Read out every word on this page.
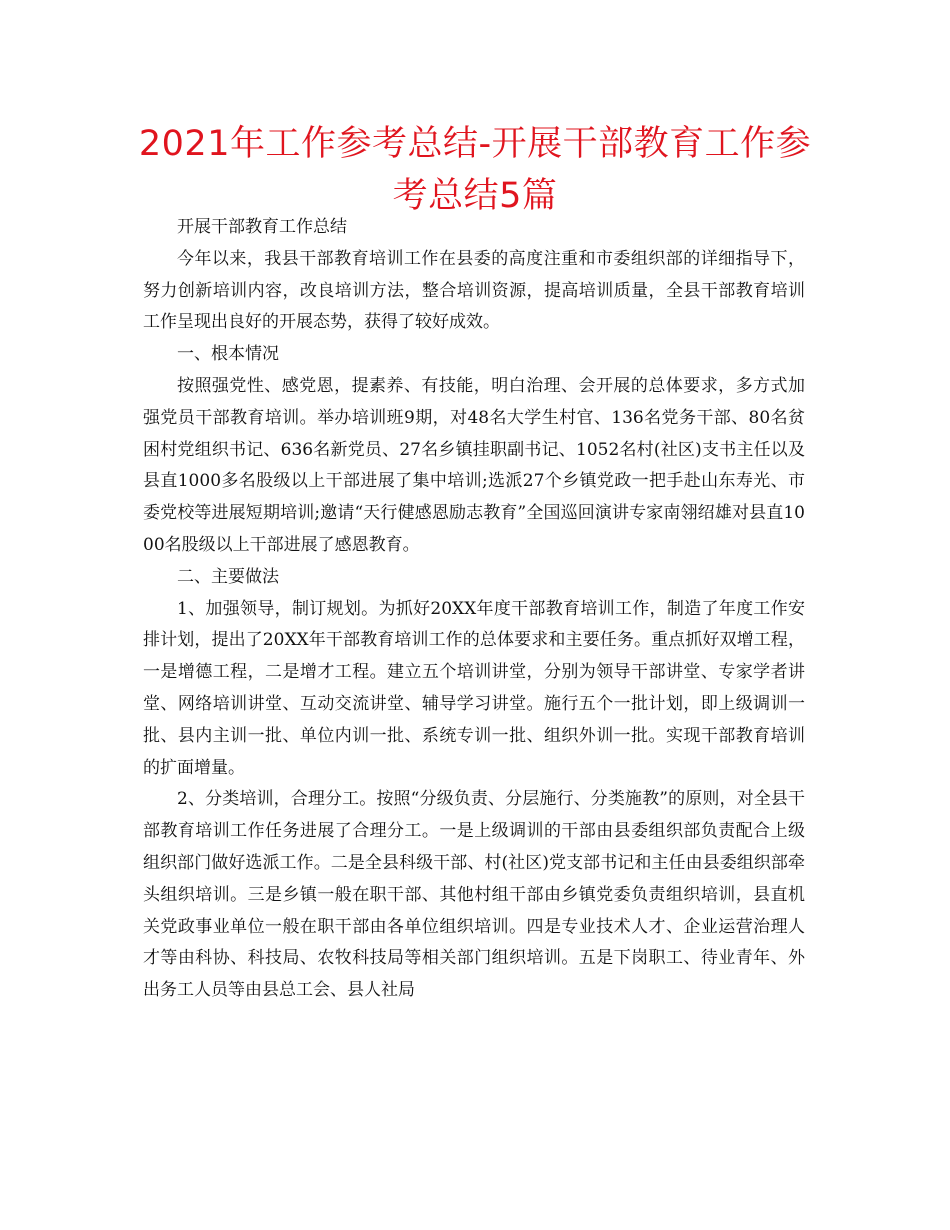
2021年工作参考总结-开展干部教育工作参考总结5篇

开展干部教育工作总结

今年以来，我县干部教育培训工作在县委的高度注重和市委组织部的详细指导下，努力创新培训内容，改良培训方法，整合培训资源，提高培训质量，全县干部教育培训工作呈现出良好的开展态势，获得了较好成效。

一、根本情况

按照强党性、感党恩，提素养、有技能，明白治理、会开展的总体要求，多方式加强党员干部教育培训。举办培训班9期，对48名大学生村官、136名党务干部、80名贫困村党组织书记、636名新党员、27名乡镇挂职副书记、1052名村(社区)支书主任以及县直1000多名股级以上干部进展了集中培训;选派27个乡镇党政一把手赴山东寿光、市委党校等进展短期培训;邀请“天行健感恩励志教育”全国巡回演讲专家南翎绍雄对县直1000名股级以上干部进展了感恩教育。

二、主要做法

1、加强领导，制订规划。为抓好20XX年度干部教育培训工作，制造了年度工作安排计划，提出了20XX年干部教育培训工作的总体要求和主要任务。重点抓好双增工程，一是增德工程，二是增才工程。建立五个培训讲堂，分别为领导干部讲堂、专家学者讲堂、网络培训讲堂、互动交流讲堂、辅导学习讲堂。施行五个一批计划，即上级调训一批、县内主训一批、单位内训一批、系统专训一批、组织外训一批。实现干部教育培训的扩面增量。

2、分类培训，合理分工。按照“分级负责、分层施行、分类施教”的原则，对全县干部教育培训工作任务进展了合理分工。一是上级调训的干部由县委组织部负责配合上级组织部门做好选派工作。二是全县科级干部、村(社区)党支部书记和主任由县委组织部牵头组织培训。三是乡镇一般在职干部、其他村组干部由乡镇党委负责组织培训，县直机关党政事业单位一般在职干部由各单位组织培训。四是专业技术人才、企业运营治理人才等由科协、科技局、农牧科技局等相关部门组织培训。五是下岗职工、待业青年、外出务工人员等由县总工会、县人社局
